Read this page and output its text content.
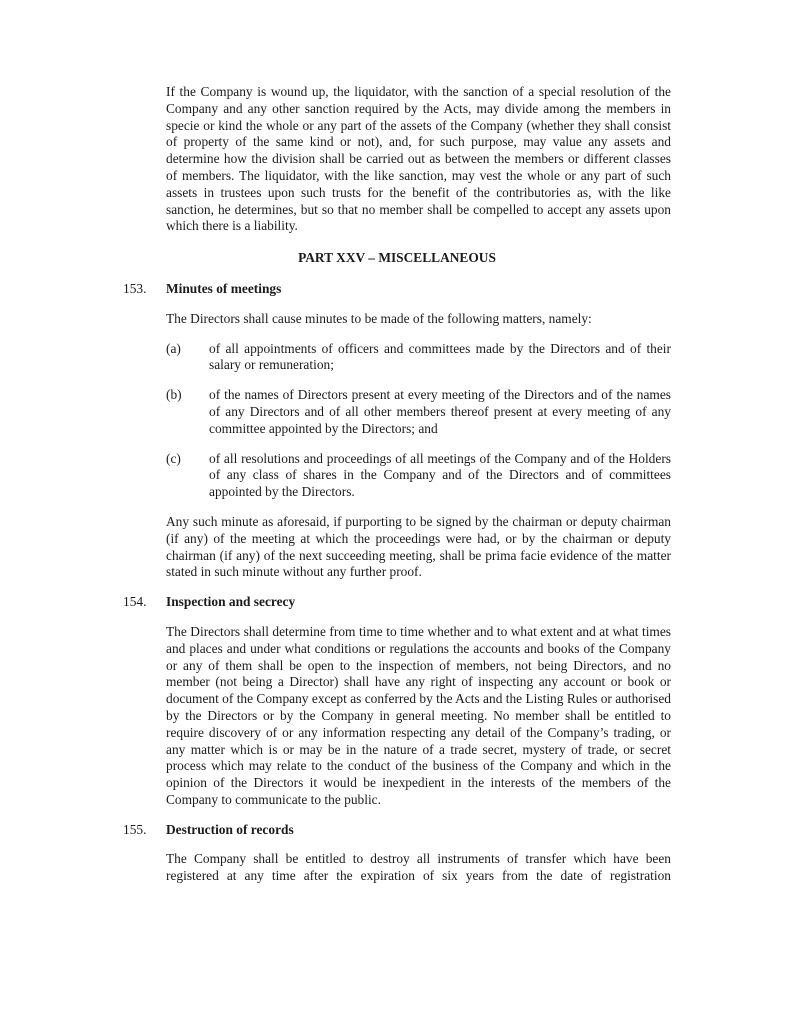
If the Company is wound up, the liquidator, with the sanction of a special resolution of the Company and any other sanction required by the Acts, may divide among the members in specie or kind the whole or any part of the assets of the Company (whether they shall consist of property of the same kind or not), and, for such purpose, may value any assets and determine how the division shall be carried out as between the members or different classes of members. The liquidator, with the like sanction, may vest the whole or any part of such assets in trustees upon such trusts for the benefit of the contributories as, with the like sanction, he determines, but so that no member shall be compelled to accept any assets upon which there is a liability.

PART XXV – MISCELLANEOUS
153.	Minutes of meetings

The Directors shall cause minutes to be made of the following matters, namely:

(a)	of all appointments of officers and committees made by the Directors and of their salary or remuneration;
(b)	of the names of Directors present at every meeting of the Directors and of the names of any Directors and of all other members thereof present at every meeting of any committee appointed by the Directors; and
(c)	of all resolutions and proceedings of all meetings of the Company and of the Holders of any class of shares in the Company and of the Directors and of committees appointed by the Directors.

Any such minute as aforesaid, if purporting to be signed by the chairman or deputy chairman (if any) of the meeting at which the proceedings were had, or by the chairman or deputy chairman (if any) of the next succeeding meeting, shall be prima facie evidence of the matter stated in such minute without any further proof.

154.	Inspection and secrecy

The Directors shall determine from time to time whether and to what extent and at what times and places and under what conditions or regulations the accounts and books of the Company or any of them shall be open to the inspection of members, not being Directors, and no member (not being a Director) shall have any right of inspecting any account or book or document of the Company except as conferred by the Acts and the Listing Rules or authorised by the Directors or by the Company in general meeting. No member shall be entitled to require discovery of or any information respecting any detail of the Company’s trading, or any matter which is or may be in the nature of a trade secret, mystery of trade, or secret process which may relate to the conduct of the business of the Company and which in the opinion of the Directors it would be inexpedient in the interests of the members of the Company to communicate to the public.

155.	Destruction of records

The Company shall be entitled to destroy all instruments of transfer which have been registered at any time after the expiration of six years from the date of registration
